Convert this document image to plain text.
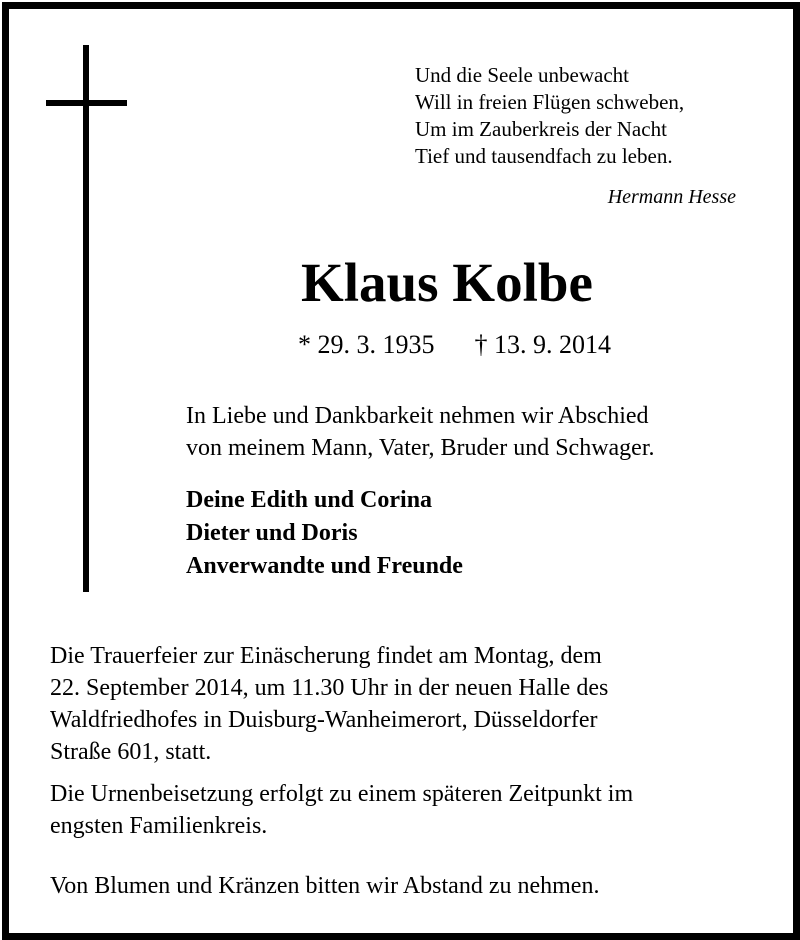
Und die Seele unbewacht
Will in freien Flügen schweben,
Um im Zauberkreis der Nacht
Tief und tausendfach zu leben.
Hermann Hesse
Klaus Kolbe
* 29. 3. 1935 † 13. 9. 2014
In Liebe und Dankbarkeit nehmen wir Abschied
von meinem Mann, Vater, Bruder und Schwager.
Deine Edith und Corina
Dieter und Doris
Anverwandte und Freunde
Die Trauerfeier zur Einäscherung findet am Montag, dem
22. September 2014, um 11.30 Uhr in der neuen Halle des
Waldfriedhofes in Duisburg-Wanheimerort, Düsseldorfer
Straße 601, statt.
Die Urnenbeisetzung erfolgt zu einem späteren Zeitpunkt im
engsten Familienkreis.
Von Blumen und Kränzen bitten wir Abstand zu nehmen.
